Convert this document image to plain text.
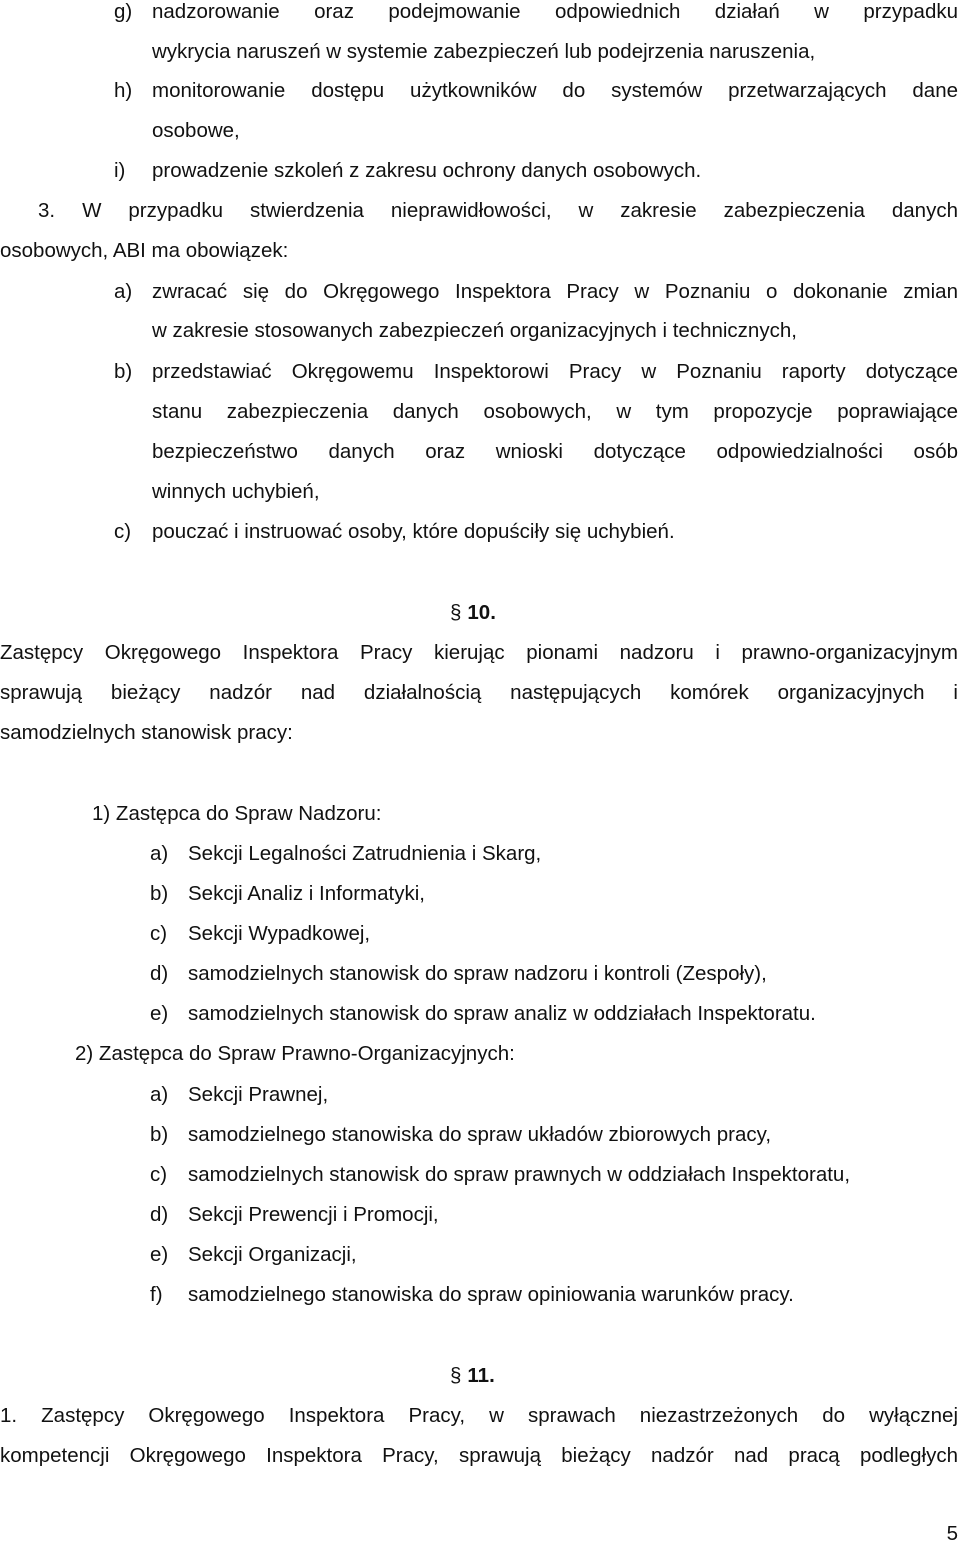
g) nadzorowanie oraz podejmowanie odpowiednich działań w przypadku
wykrycia naruszeń w systemie zabezpieczeń lub podejrzenia naruszenia,
h) monitorowanie dostępu użytkowników do systemów przetwarzających dane
osobowe,
i) prowadzenie szkoleń z zakresu ochrony danych osobowych.
3. W przypadku stwierdzenia nieprawidłowości, w zakresie zabezpieczenia danych
osobowych, ABI ma obowiązek:
a) zwracać się do Okręgowego Inspektora Pracy w Poznaniu o dokonanie zmian
w zakresie stosowanych zabezpieczeń organizacyjnych i technicznych,
b) przedstawiać Okręgowemu Inspektorowi Pracy w Poznaniu raporty dotyczące
stanu zabezpieczenia danych osobowych, w tym propozycje poprawiające
bezpieczeństwo danych oraz wnioski dotyczące odpowiedzialności osób
winnych uchybień,
c) pouczać i instruować osoby, które dopuściły się uchybień.
§ 10.
Zastępcy Okręgowego Inspektora Pracy kierując pionami nadzoru i prawno-organizacyjnym
sprawują bieżący nadzór nad działalnością następujących komórek organizacyjnych i
samodzielnych stanowisk pracy:
1) Zastępca do Spraw Nadzoru:
a) Sekcji Legalności Zatrudnienia i Skarg,
b) Sekcji Analiz i Informatyki,
c) Sekcji Wypadkowej,
d) samodzielnych stanowisk do spraw nadzoru i kontroli (Zespoły),
e) samodzielnych stanowisk do spraw analiz w oddziałach Inspektoratu.
2) Zastępca do Spraw Prawno-Organizacyjnych:
a) Sekcji Prawnej,
b) samodzielnego stanowiska do spraw układów zbiorowych pracy,
c) samodzielnych stanowisk do spraw prawnych w oddziałach Inspektoratu,
d) Sekcji Prewencji i Promocji,
e) Sekcji Organizacji,
f) samodzielnego stanowiska do spraw opiniowania warunków pracy.
§ 11.
1. Zastępcy Okręgowego Inspektora Pracy, w sprawach niezastrzeżonych do wyłącznej
kompetencji Okręgowego Inspektora Pracy, sprawują bieżący nadzór nad pracą podległych
5
